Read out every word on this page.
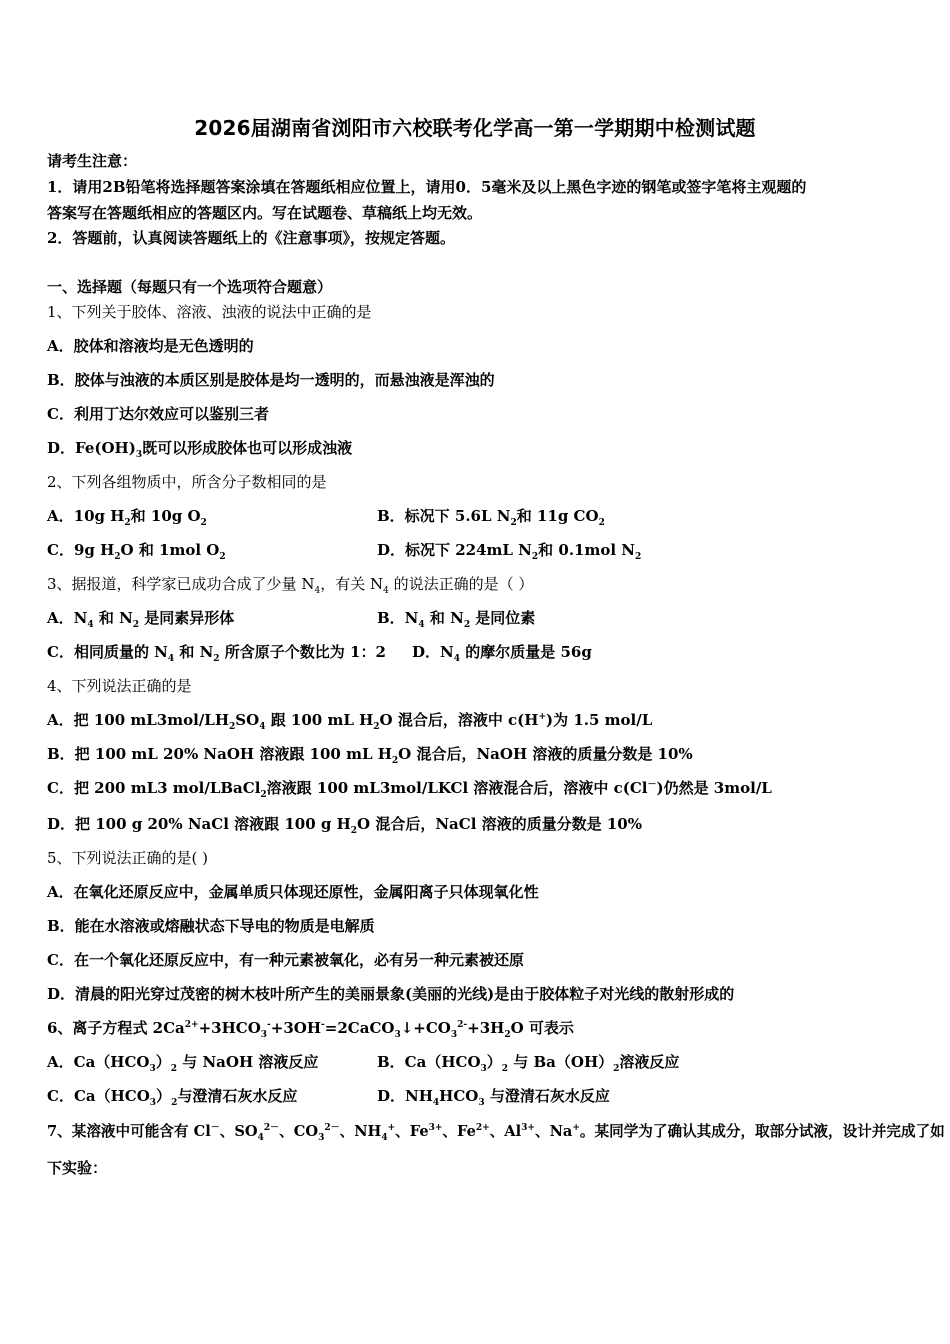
2026届湖南省浏阳市六校联考化学高一第一学期期中检测试题
请考生注意：
1．请用2B铅笔将选择题答案涂填在答题纸相应位置上，请用0．5毫米及以上黑色字迹的钢笔或签字笔将主观题的
答案写在答题纸相应的答题区内。写在试题卷、草稿纸上均无效。
2．答题前，认真阅读答题纸上的《注意事项》，按规定答题。
一、选择题（每题只有一个选项符合题意）
1、下列关于胶体、溶液、浊液的说法中正确的是
A．胶体和溶液均是无色透明的
B．胶体与浊液的本质区别是胶体是均一透明的，而悬浊液是浑浊的
C．利用丁达尔效应可以鉴别三者
D．$Fe(OH)_3$既可以形成胶体也可以形成浊液
2、下列各组物质中，所含分子数相同的是
A．10g $H_2$和 10g $O_2$	B．标况下 5.6L $N_2$和 11g $CO_2$
C．9g $H_2O$ 和 1mol $O_2$	D．标况下 224mL $N_2$和 0.1mol $N_2$
3、据报道，科学家已成功合成了少量 $N_4$，有关 $N_4$ 的说法正确的是（ ）
A．$N_4$ 和 $N_2$ 是同素异形体	B．$N_4$ 和 $N_2$ 是同位素
C．相同质量的 $N_4$ 和 $N_2$ 所含原子个数比为 1：2 D．$N_4$ 的摩尔质量是 56g
4、下列说法正确的是
A．把 100 $mL3mol/LH_2SO_4$ 跟 100 mL $H_2O$ 混合后，溶液中 c(H+)为 1.5 mol/L
B．把 100 mL 20% NaOH 溶液跟 100 mL $H_2O$ 混合后，NaOH 溶液的质量分数是 10%
C．把 200 mL3 mol/LBaCl$_2$溶液跟 100 mL3mol/LKCl 溶液混合后，溶液中 c(Cl－)仍然是 3mol/L
D．把 100 g 20% NaCl 溶液跟 100 g $H_2O$ 混合后，NaCl 溶液的质量分数是 10%
5、下列说法正确的是( )
A．在氧化还原反应中，金属单质只体现还原性，金属阳离子只体现氧化性
B．能在水溶液或熔融状态下导电的物质是电解质
C．在一个氧化还原反应中，有一种元素被氧化，必有另一种元素被还原
D．清晨的阳光穿过茂密的树木枝叶所产生的美丽景象(美丽的光线)是由于胶体粒子对光线的散射形成的
6、离子方程式 $2Ca^{2+}+3HCO_3^-+3OH^-=2CaCO_3↓+CO_3^{2-}+3H_2O$ 可表示
A．$Ca(HCO_3)_2$ 与 NaOH 溶液反应	B．$Ca(HCO_3)_2$ 与 $Ba(OH)_2$溶液反应
C．$Ca(HCO_3)_2$与澄清石灰水反应	D．$NH_4HCO_3$ 与澄清石灰水反应
7、某溶液中可能含有 Cl－、$SO_4^{2-}$、$CO_3^{2-}$、$NH_4^+$、$Fe^{3+}$、$Fe^{2+}$、$Al^{3+}$、Na+。某同学为了确认其成分，取部分试液，设计并完成了如
下实验：
